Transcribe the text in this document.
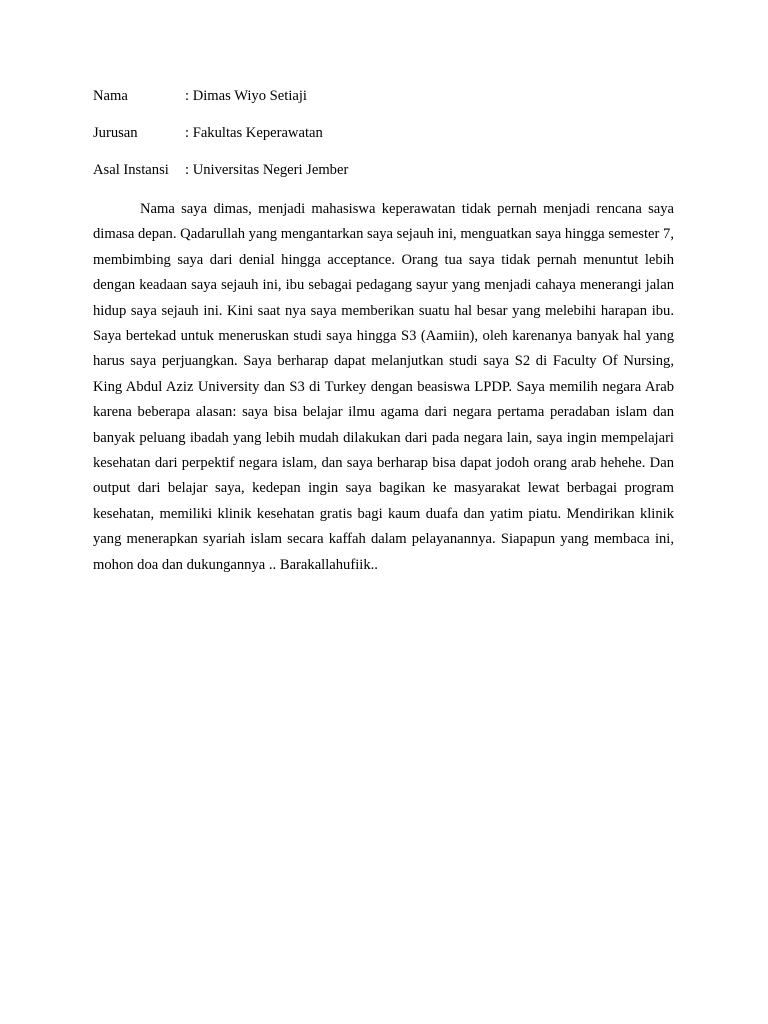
Nama	: Dimas Wiyo Setiaji
Jurusan	: Fakultas Keperawatan
Asal Instansi	: Universitas Negeri Jember

Nama saya dimas, menjadi mahasiswa keperawatan tidak pernah menjadi rencana saya dimasa depan. Qadarullah yang mengantarkan saya sejauh ini, menguatkan saya hingga semester 7, membimbing saya dari denial hingga acceptance. Orang tua saya tidak pernah menuntut lebih dengan keadaan saya sejauh ini, ibu sebagai pedagang sayur yang menjadi cahaya menerangi jalan hidup saya sejauh ini. Kini saat nya saya memberikan suatu hal besar yang melebihi harapan ibu. Saya bertekad untuk meneruskan studi saya hingga S3 (Aamiin), oleh karenanya banyak hal yang harus saya perjuangkan. Saya berharap dapat melanjutkan studi saya S2 di Faculty Of Nursing, King Abdul Aziz University dan S3 di Turkey dengan beasiswa LPDP. Saya memilih negara Arab karena beberapa alasan: saya bisa belajar ilmu agama dari negara pertama peradaban islam dan banyak peluang ibadah yang lebih mudah dilakukan dari pada negara lain, saya ingin mempelajari kesehatan dari perpektif negara islam, dan saya berharap bisa dapat jodoh orang arab hehehe. Dan output dari belajar saya, kedepan ingin saya bagikan ke masyarakat lewat berbagai program kesehatan, memiliki klinik kesehatan gratis bagi kaum duafa dan yatim piatu. Mendirikan klinik yang menerapkan syariah islam secara kaffah dalam pelayanannya. Siapapun yang membaca ini, mohon doa dan dukungannya .. Barakallahufiik..
